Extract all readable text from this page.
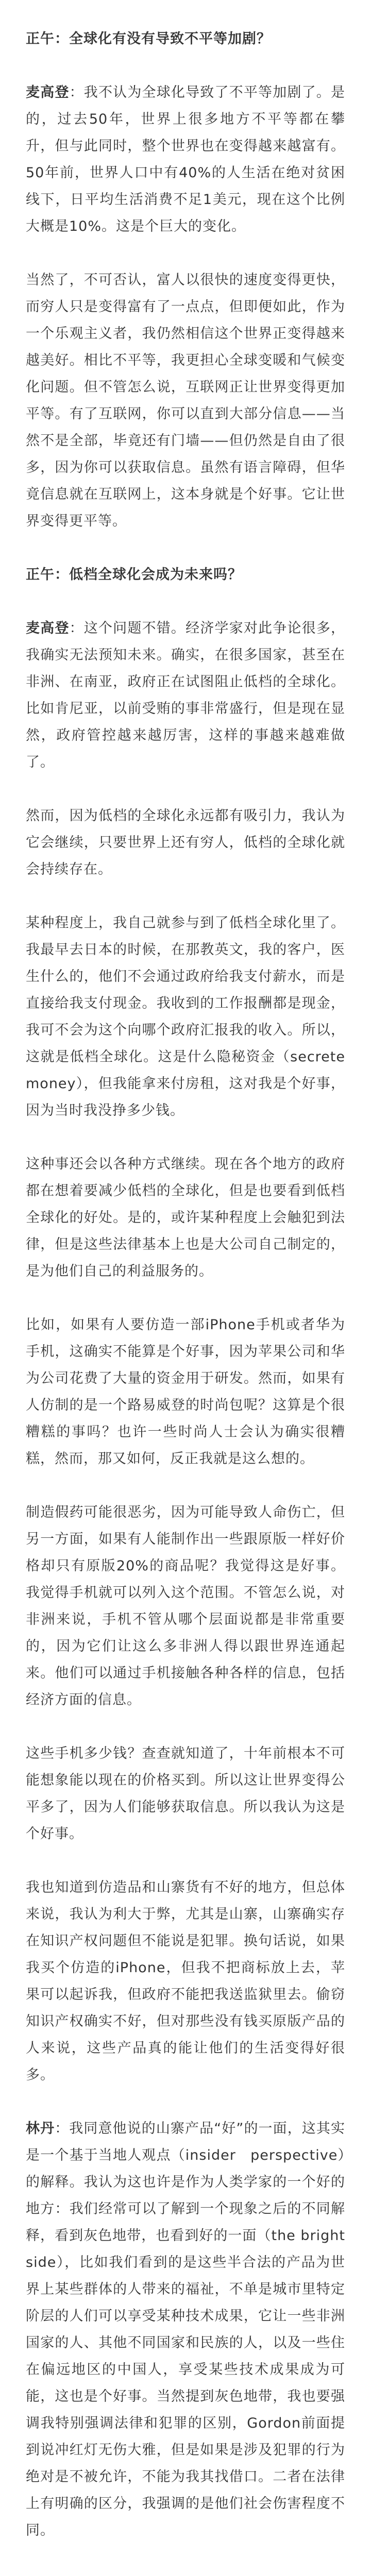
正午：全球化有没有导致不平等加剧？

麦高登：我不认为全球化导致了不平等加剧了。是的，过去50年，世界上很多地方不平等都在攀升，但与此同时，整个世界也在变得越来越富有。50年前，世界人口中有40%的人生活在绝对贫困线下，日平均生活消费不足1美元，现在这个比例大概是10%。这是个巨大的变化。

当然了，不可否认，富人以很快的速度变得更快，而穷人只是变得富有了一点点，但即便如此，作为一个乐观主义者，我仍然相信这个世界正变得越来越美好。相比不平等，我更担心全球变暖和气候变化问题。但不管怎么说，互联网正让世界变得更加平等。有了互联网，你可以直到大部分信息——当然不是全部，毕竟还有门墙——但仍然是自由了很多，因为你可以获取信息。虽然有语言障碍，但华竟信息就在互联网上，这本身就是个好事。它让世界变得更平等。

正午：低档全球化会成为未来吗？

麦高登：这个问题不错。经济学家对此争论很多，我确实无法预知未来。确实，在很多国家，甚至在非洲、在南亚，政府正在试图阻止低档的全球化。比如肯尼亚，以前受贿的事非常盛行，但是现在显然，政府管控越来越厉害，这样的事越来越难做了。

然而，因为低档的全球化永远都有吸引力，我认为它会继续，只要世界上还有穷人，低档的全球化就会持续存在。

某种程度上，我自己就参与到了低档全球化里了。我最早去日本的时候，在那教英文，我的客户，医生什么的，他们不会通过政府给我支付薪水，而是直接给我支付现金。我收到的工作报酬都是现金，我可不会为这个向哪个政府汇报我的收入。所以，这就是低档全球化。这是什么隐秘资金（secrete money），但我能拿来付房租，这对我是个好事，因为当时我没挣多少钱。

这种事还会以各种方式继续。现在各个地方的政府都在想着要减少低档的全球化，但是也要看到低档全球化的好处。是的，或许某种程度上会触犯到法律，但是这些法律基本上也是大公司自己制定的，是为他们自己的利益服务的。

比如，如果有人要仿造一部iPhone手机或者华为手机，这确实不能算是个好事，因为苹果公司和华为公司花费了大量的资金用于研发。然而，如果有人仿制的是一个路易威登的时尚包呢？这算是个很糟糕的事吗？也许一些时尚人士会认为确实很糟糕，然而，那又如何，反正我就是这么想的。

制造假药可能很恶劣，因为可能导致人命伤亡，但另一方面，如果有人能制作出一些跟原版一样好价格却只有原版20%的商品呢？我觉得这是好事。我觉得手机就可以列入这个范围。不管怎么说，对非洲来说，手机不管从哪个层面说都是非常重要的，因为它们让这么多非洲人得以跟世界连通起来。他们可以通过手机接触各种各样的信息，包括经济方面的信息。

这些手机多少钱？查查就知道了，十年前根本不可能想象能以现在的价格买到。所以这让世界变得公平多了，因为人们能够获取信息。所以我认为这是个好事。

我也知道到仿造品和山寨货有不好的地方，但总体来说，我认为利大于弊，尤其是山寨，山寨确实存在知识产权问题但不能说是犯罪。换句话说，如果我买个仿造的iPhone，但我不把商标放上去，苹果可以起诉我，但政府不能把我送监狱里去。偷窃知识产权确实不好，但对那些没有钱买原版产品的人来说，这些产品真的能让他们的生活变得好很多。

林丹：我同意他说的山寨产品“好”的一面，这其实是一个基于当地人观点（insider　perspective）的解释。我认为这也许是作为人类学家的一个好的地方：我们经常可以了解到一个现象之后的不同解释，看到灰色地带，也看到好的一面（the bright side），比如我们看到的是这些半合法的产品为世界上某些群体的人带来的福祉，不单是城市里特定阶层的人们可以享受某种技术成果，它让一些非洲国家的人、其他不同国家和民族的人，以及一些住在偏远地区的中国人，享受某些技术成果成为可能，这也是个好事。当然提到灰色地带，我也要强调我特别强调法律和犯罪的区别，Gordon前面提到说冲红灯无伤大雅，但是如果是涉及犯罪的行为绝对是不被允许，不能为我其找借口。二者在法律上有明确的区分，我强调的是他们社会伤害程度不同。
